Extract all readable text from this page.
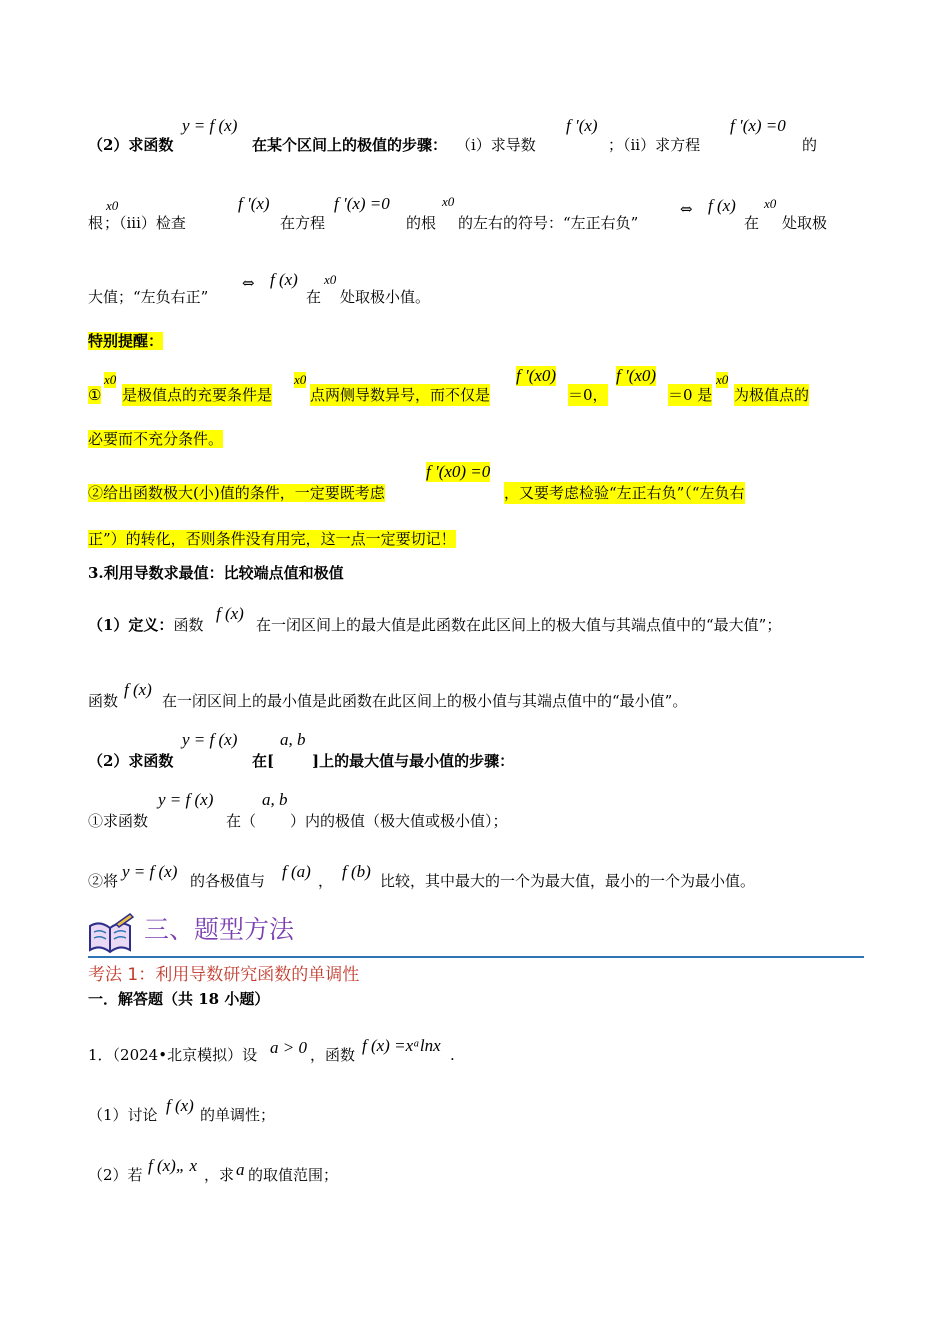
（2）求函数
y = f (x)
在某个区间上的极值的步骤： （i）求导数
f ′(x)
；（ii）求方程
f ′(x) =0
的
x0
根 ；（iii）检查
f ′(x)
在方程
f ′(x) =0
的根
x0
的左右的符号：“左正右负”
⇔ f (x)
在
x0
处取极
大值；“左负右正”
⇔ f (x)
在
x0
处取极小值。
特别提醒：
①
x0
是极值点的充要条件是
x0
点两侧导数异号，而不仅是
f ′(x0)
＝0，
f ′(x0)
＝0 是
x0
为极值点的
必要而不充分条件。
②给出函数极大(小)值的条件，一定要既考虑
f ′(x0) =0
，又要考虑检验“左正右负”（“左负右
正”）的转化，否则条件没有用完，这一点一定要切记！
3.利用导数求最值：比较端点值和极值
（1）定义：函数
f (x)
在一闭区间上的最大值是此函数在此区间上的极大值与其端点值中的“最大值”；
函数
f (x)
在一闭区间上的最小值是此函数在此区间上的极小值与其端点值中的“最小值”。
（2）求函数
y = f (x)
在[
a, b
]上的最大值与最小值的步骤：
①求函数
y = f (x)
在（
a, b
）内的极值（极大值或极小值）；
②将 y = f (x) 的各极值与 f (a) ， f (b) 比较，其中最大的一个为最大值，最小的一个为最小值。
三、题型方法
考法 1：利用导数研究函数的单调性
一．解答题（共 18 小题）
1．（2024•北京模拟）设 a > 0 ，函数 f (x) =xᵃlnx .
（1）讨论 f (x) 的单调性；
（2）若 f (x)„ x ，求 a 的取值范围；
